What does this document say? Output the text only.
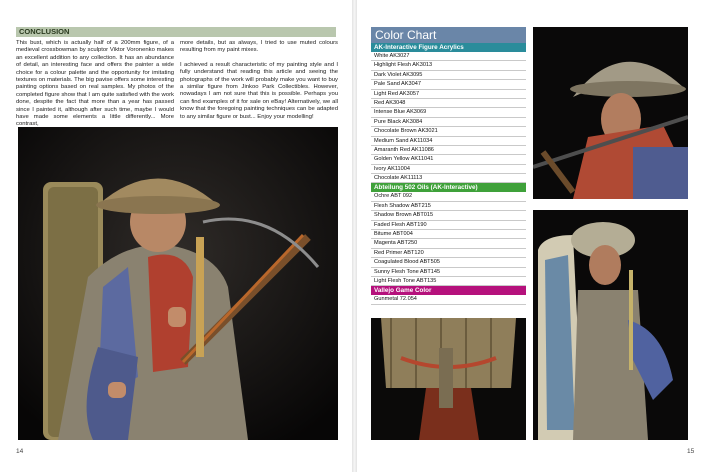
CONCLUSION

This bust, which is actually half of a 200mm figure, of a medieval crossbowman by sculptor Viktor Voronenko makes an excellent addition to any collection. It has an abundance of detail, an interesting face and offers the painter a wide choice for a colour palette and the opportunity for imitating textures on materials. The big pavise offers some interesting painting options based on real samples. My photos of the completed figure show that I am quite satisfied with the work done, despite the fact that more than a year has passed since I painted it, although after such time, maybe I would have made some elements a little differently... More contrast,

more details, but as always, I tried to use muted colours resulting from my paint mixes.

I achieved a result characteristic of my painting style and I fully understand that reading this article and seeing the photographs of the work will probably make you want to buy a similar figure from Jinkoo Park Collectibles. However, nowadays I am not sure that this is possible. Perhaps you can find examples of it for sale on eBay! Alternatively, we all know that the foregoing painting techniques can be adapted to any similar figure or bust... Enjoy your modelling!

14	15
Color Chart
AK-Interactive Figure Acrylics
White AK3027
Highlight Flesh AK3013
Dark Violet AK3095
Pale Sand AK3047
Light Red AK3057
Red AK3048
Intense Blue AK3069
Pure Black AK3084
Chocolate Brown AK3021
Medium Sand AK11034
Amaranth Red AK11086
Golden Yellow AK11041
Ivory AK11004
Chocolate AK11113
Abteilung 502 Oils (AK-Interactive)
Ochre ABT 092
Flesh Shadow ABT215
Shadow Brown ABT015
Faded Flesh ABT190
Bitume ABT004
Magenta ABT250
Red Primer ABT120
Coagulated Blood ABT505
Sunny Flesh Tone ABT145
Light Flesh Tone ABT135
Vallejo Game Color
Gunmetal 72.054
